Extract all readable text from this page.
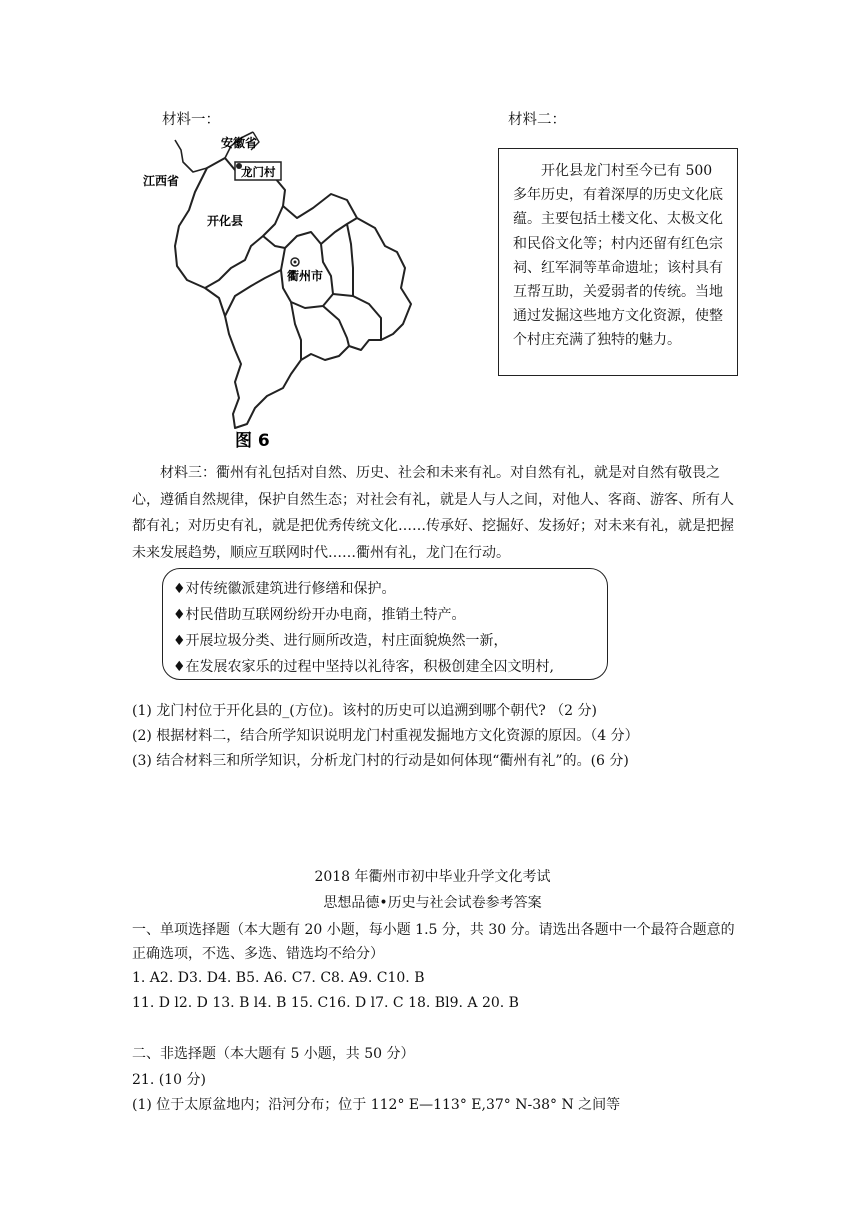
材料一：	材料二：
安徽省
江西省
龙门村
开化县
衢州市
图 6
开化县龙门村至今已有 500 多年历史，有着深厚的历史文化底蕴。主要包括土楼文化、太极文化和民俗文化等；村内还留有红色宗祠、红军洞等革命遗址；该村具有互帮互助，关爱弱者的传统。当地通过发掘这些地方文化资源，使整个村庄充满了独特的魅力。
材料三：衢州有礼包括对自然、历史、社会和未来有礼。对自然有礼，就是对自然有敬畏之心，遵循自然规律，保护自然生态；对社会有礼，就是人与人之间，对他人、客商、游客、所有人都有礼；对历史有礼，就是把优秀传统文化……传承好、挖掘好、发扬好；对未来有礼，就是把握未来发展趋势，顺应互联网时代……衢州有礼，龙门在行动。
♦对传统徽派建筑进行修缮和保护。
♦村民借助互联网纷纷开办电商，推销土特产。
♦开展垃圾分类、进行厕所改造，村庄面貌焕然一新，
♦在发展农家乐的过程中坚持以礼待客，积极创建全囚文明村,
(1) 龙门村位于开化县的_(方位)。该村的历史可以追溯到哪个朝代? （2 分)
(2) 根据材料二，结合所学知识说明龙门村重视发掘地方文化资源的原因。（4 分）
(3) 结合材料三和所学知识，分析龙门村的行动是如何体现“衢州有礼”的。(6 分)
2018 年衢州市初中毕业升学文化考试
思想品德•历史与社会试卷参考答案
一、单项选择题（本大题有 20 小题，每小题 1.5 分，共 30 分。请选出各题中一个最符合题意的正确选项，不选、多选、错选均不给分）
1. A2. D3. D4. B5. A6. C7. C8. A9. C10. B
11. D l2. D 13. B l4. B 15. C16. D l7. C 18. Bl9. A 20. B
二、非选择题（本大题有 5 小题，共 50 分）
21. (10 分)
(1) 位于太原盆地内；沿河分布；位于 112° E—113° E,37° N-38° N 之间等
